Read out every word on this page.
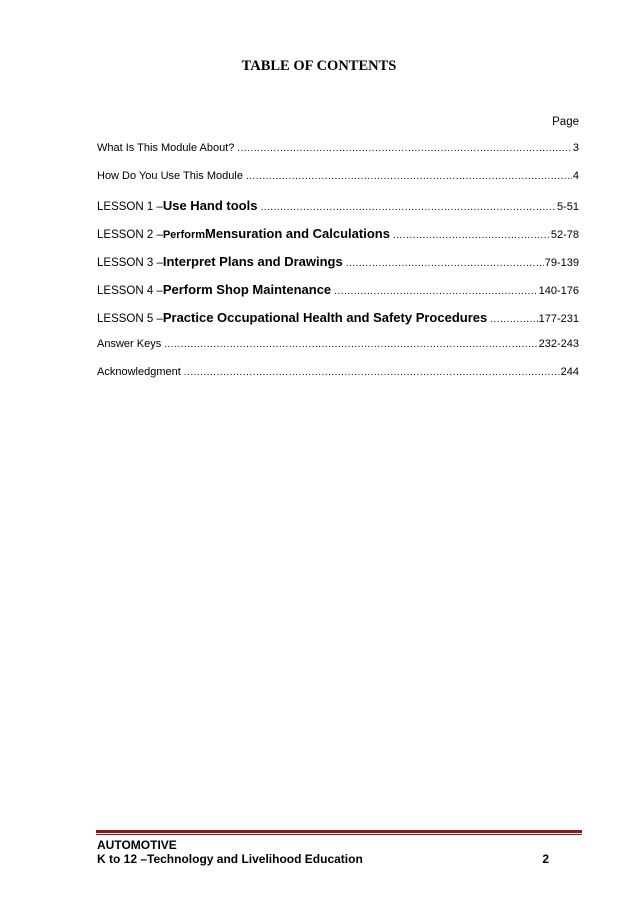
TABLE OF CONTENTS
Page
What Is This Module About? .....	3
How Do You Use This Module .....	4
LESSON 1 – Use Hand tools .....	5-51
LESSON 2 – Perform Mensuration and Calculations .....	52-78
LESSON 3 – Interpret Plans and Drawings .....	79-139
LESSON 4 – Perform Shop Maintenance .....	140-176
LESSON 5 – Practice Occupational Health and Safety Procedures .....	177-231
Answer Keys .....	232-243
Acknowledgment .....	244
AUTOMOTIVE
K to 12 –Technology and Livelihood Education	2
